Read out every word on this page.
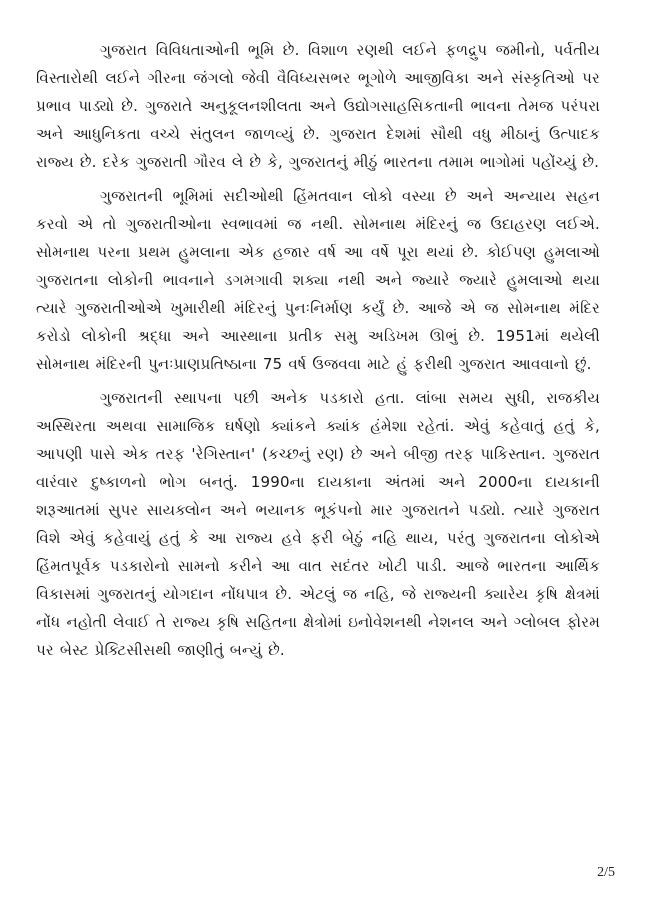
ગુજરાત વિવિધતાઓની ભૂમિ છે. વિશાળ રણથી લઈને ફળદ્રુપ જમીનો, પર્વતીય વિસ્તારોથી લઈને ગીરના જંગલો જેવી વૈવિધ્યસભર ભૂગોળે આજીવિકા અને સંસ્કૃતિઓ પર પ્રભાવ પાડ્યો છે. ગુજરાતે અનુકૂલનશીલતા અને ઉદ્યોગસાહસિકતાની ભાવના તેમજ પરંપરા અને આધુનિકતા વચ્ચે સંતુલન જાળવ્યું છે. ગુજરાત દેશમાં સૌથી વધુ મીઠાનું ઉત્પાદક રાજ્ય છે. દરેક ગુજરાતી ગૌરવ લે છે કે, ગુજરાતનું મીઠું ભારતના તમામ ભાગોમાં પહોંચ્યું છે.

ગુજરાતની ભૂમિમાં સદીઓથી હિંમતવાન લોકો વસ્યા છે અને અન્યાય સહન કરવો એ તો ગુજરાતીઓના સ્વભાવમાં જ નથી. સોમનાથ મંદિરનું જ ઉદાહરણ લઈએ. સોમનાથ પરના પ્રથમ હુમલાના એક હજાર વર્ષ આ વર્ષે પૂરા થયાં છે. કોઈપણ હુમલાઓ ગુજરાતના લોકોની ભાવનાને ડગમગાવી શક્યા નથી અને જ્યારે જ્યારે હુમલાઓ થયા ત્યારે ગુજરાતીઓએ ખુમારીથી મંદિરનું પુનઃનિર્માણ કર્યું છે. આજે એ જ સોમનાથ મંદિર કરોડો લોકોની શ્રદ્ધા અને આસ્થાના પ્રતીક સમુ અડિખમ ઊભું છે. 1951માં થયેલી સોમનાથ મંદિરની પુનઃપ્રાણપ્રતિષ્ઠાના 75 વર્ષ ઉજવવા માટે હું ફરીથી ગુજરાત આવવાનો છું.

ગુજરાતની સ્થાપના પછી અનેક પડકારો હતા. લાંબા સમય સુધી, રાજકીય અસ્થિરતા અથવા સામાજિક ઘર્ષણો ક્યાંકને ક્યાંક હંમેશા રહેતાં. એવું કહેવાતું હતું કે, આપણી પાસે એક તરફ 'રેગિસ્તાન' (કચ્છનું રણ) છે અને બીજી તરફ પાકિસ્તાન. ગુજરાત વારંવાર દુષ્કાળનો ભોગ બનતું. 1990ના દાયકાના અંતમાં અને 2000ના દાયકાની શરૂઆતમાં સુપર સાયક્લોન અને ભયાનક ભૂકંપનો માર ગુજરાતને પડ્યો. ત્યારે ગુજરાત વિશે એવું કહેવાયું હતું કે આ રાજ્ય હવે ફરી બેઠું નહિ થાય, પરંતુ ગુજરાતના લોકોએ હિંમતપૂર્વક પડકારોનો સામનો કરીને આ વાત સદંતર ખોટી પાડી. આજે ભારતના આર્થિક વિકાસમાં ગુજરાતનું યોગદાન નોંધપાત્ર છે. એટલું જ નહિ, જે રાજ્યની ક્યારેય કૃષિ ક્ષેત્રમાં નોંધ નહોતી લેવાઈ તે રાજ્ય કૃષિ સહિતના ક્ષેત્રોમાં ઇનોવેશનથી નેશનલ અને ગ્લોબલ ફોરમ પર બેસ્ટ પ્રેક્ટિસીસથી જાણીતું બન્યું છે.

2/5
